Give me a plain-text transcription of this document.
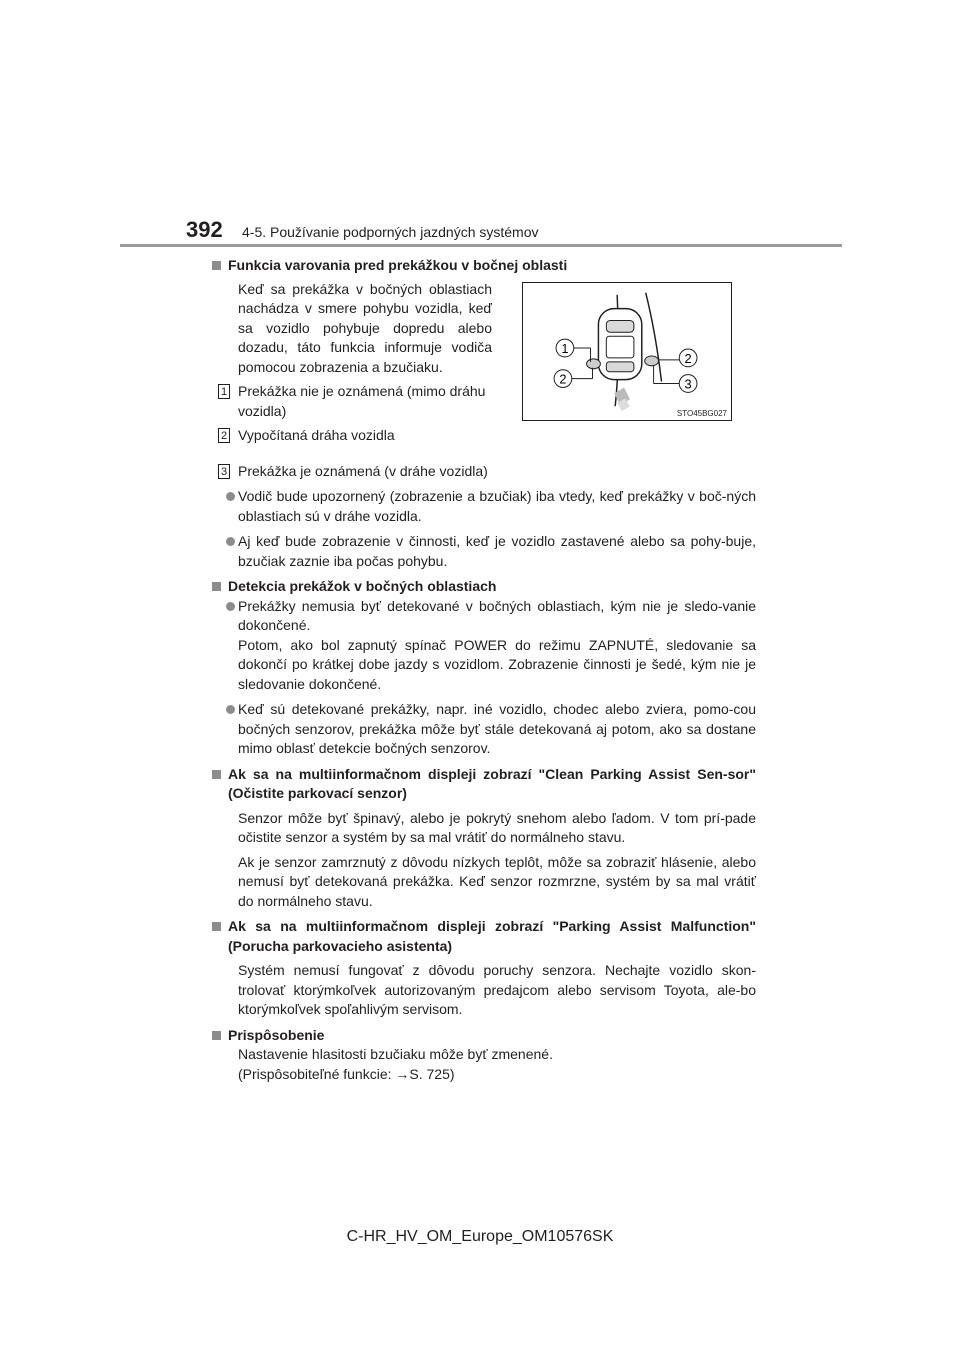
392 4-5. Používanie podporných jazdných systémov
1
2
2
3
STO45BG027

Funkcia varovania pred prekážkou v bočnej oblasti

Keď sa prekážka v bočných oblastiach nachádza v smere pohybu vozidla, keď sa vozidlo pohybuje dopredu alebo dozadu, táto funkcia informuje vodiča pomocou zobrazenia a bzučiaku.

1 Prekážka nie je oznámená (mimo dráhu vozidla)

2 Vypočítaná dráha vozidla

3 Prekážka je oznámená (v dráhe vozidla)

Vodič bude upozornený (zobrazenie a bzučiak) iba vtedy, keď prekážky v boč-ných oblastiach sú v dráhe vozidla.

Aj keď bude zobrazenie v činnosti, keď je vozidlo zastavené alebo sa pohy-buje, bzučiak zaznie iba počas pohybu.

Detekcia prekážok v bočných oblastiach

Prekážky nemusia byť detekované v bočných oblastiach, kým nie je sledo-vanie dokončené.
Potom, ako bol zapnutý spínač POWER do režimu ZAPNUTÉ, sledovanie sa dokončí po krátkej dobe jazdy s vozidlom. Zobrazenie činnosti je šedé, kým nie je sledovanie dokončené.

Keď sú detekované prekážky, napr. iné vozidlo, chodec alebo zviera, pomo-cou bočných senzorov, prekážka môže byť stále detekovaná aj potom, ako sa dostane mimo oblasť detekcie bočných senzorov.

Ak sa na multiinformačnom displeji zobrazí "Clean Parking Assist Sen-sor" (Očistite parkovací senzor)

Senzor môže byť špinavý, alebo je pokrytý snehom alebo ľadom. V tom prí-pade očistite senzor a systém by sa mal vrátiť do normálneho stavu.

Ak je senzor zamrznutý z dôvodu nízkych teplôt, môže sa zobraziť hlásenie, alebo nemusí byť detekovaná prekážka. Keď senzor rozmrzne, systém by sa mal vrátiť do normálneho stavu.

Ak sa na multiinformačnom displeji zobrazí "Parking Assist Malfunction" (Porucha parkovacieho asistenta)

Systém nemusí fungovať z dôvodu poruchy senzora. Nechajte vozidlo skon-trolovať ktorýmkoľvek autorizovaným predajcom alebo servisom Toyota, ale-bo ktorýmkoľvek spoľahlivým servisom.

Prispôsobenie

Nastavenie hlasitosti bzučiaku môže byť zmenené.

(Prispôsobiteľné funkcie: →S. 725)

C-HR_HV_OM_Europe_OM10576SK
